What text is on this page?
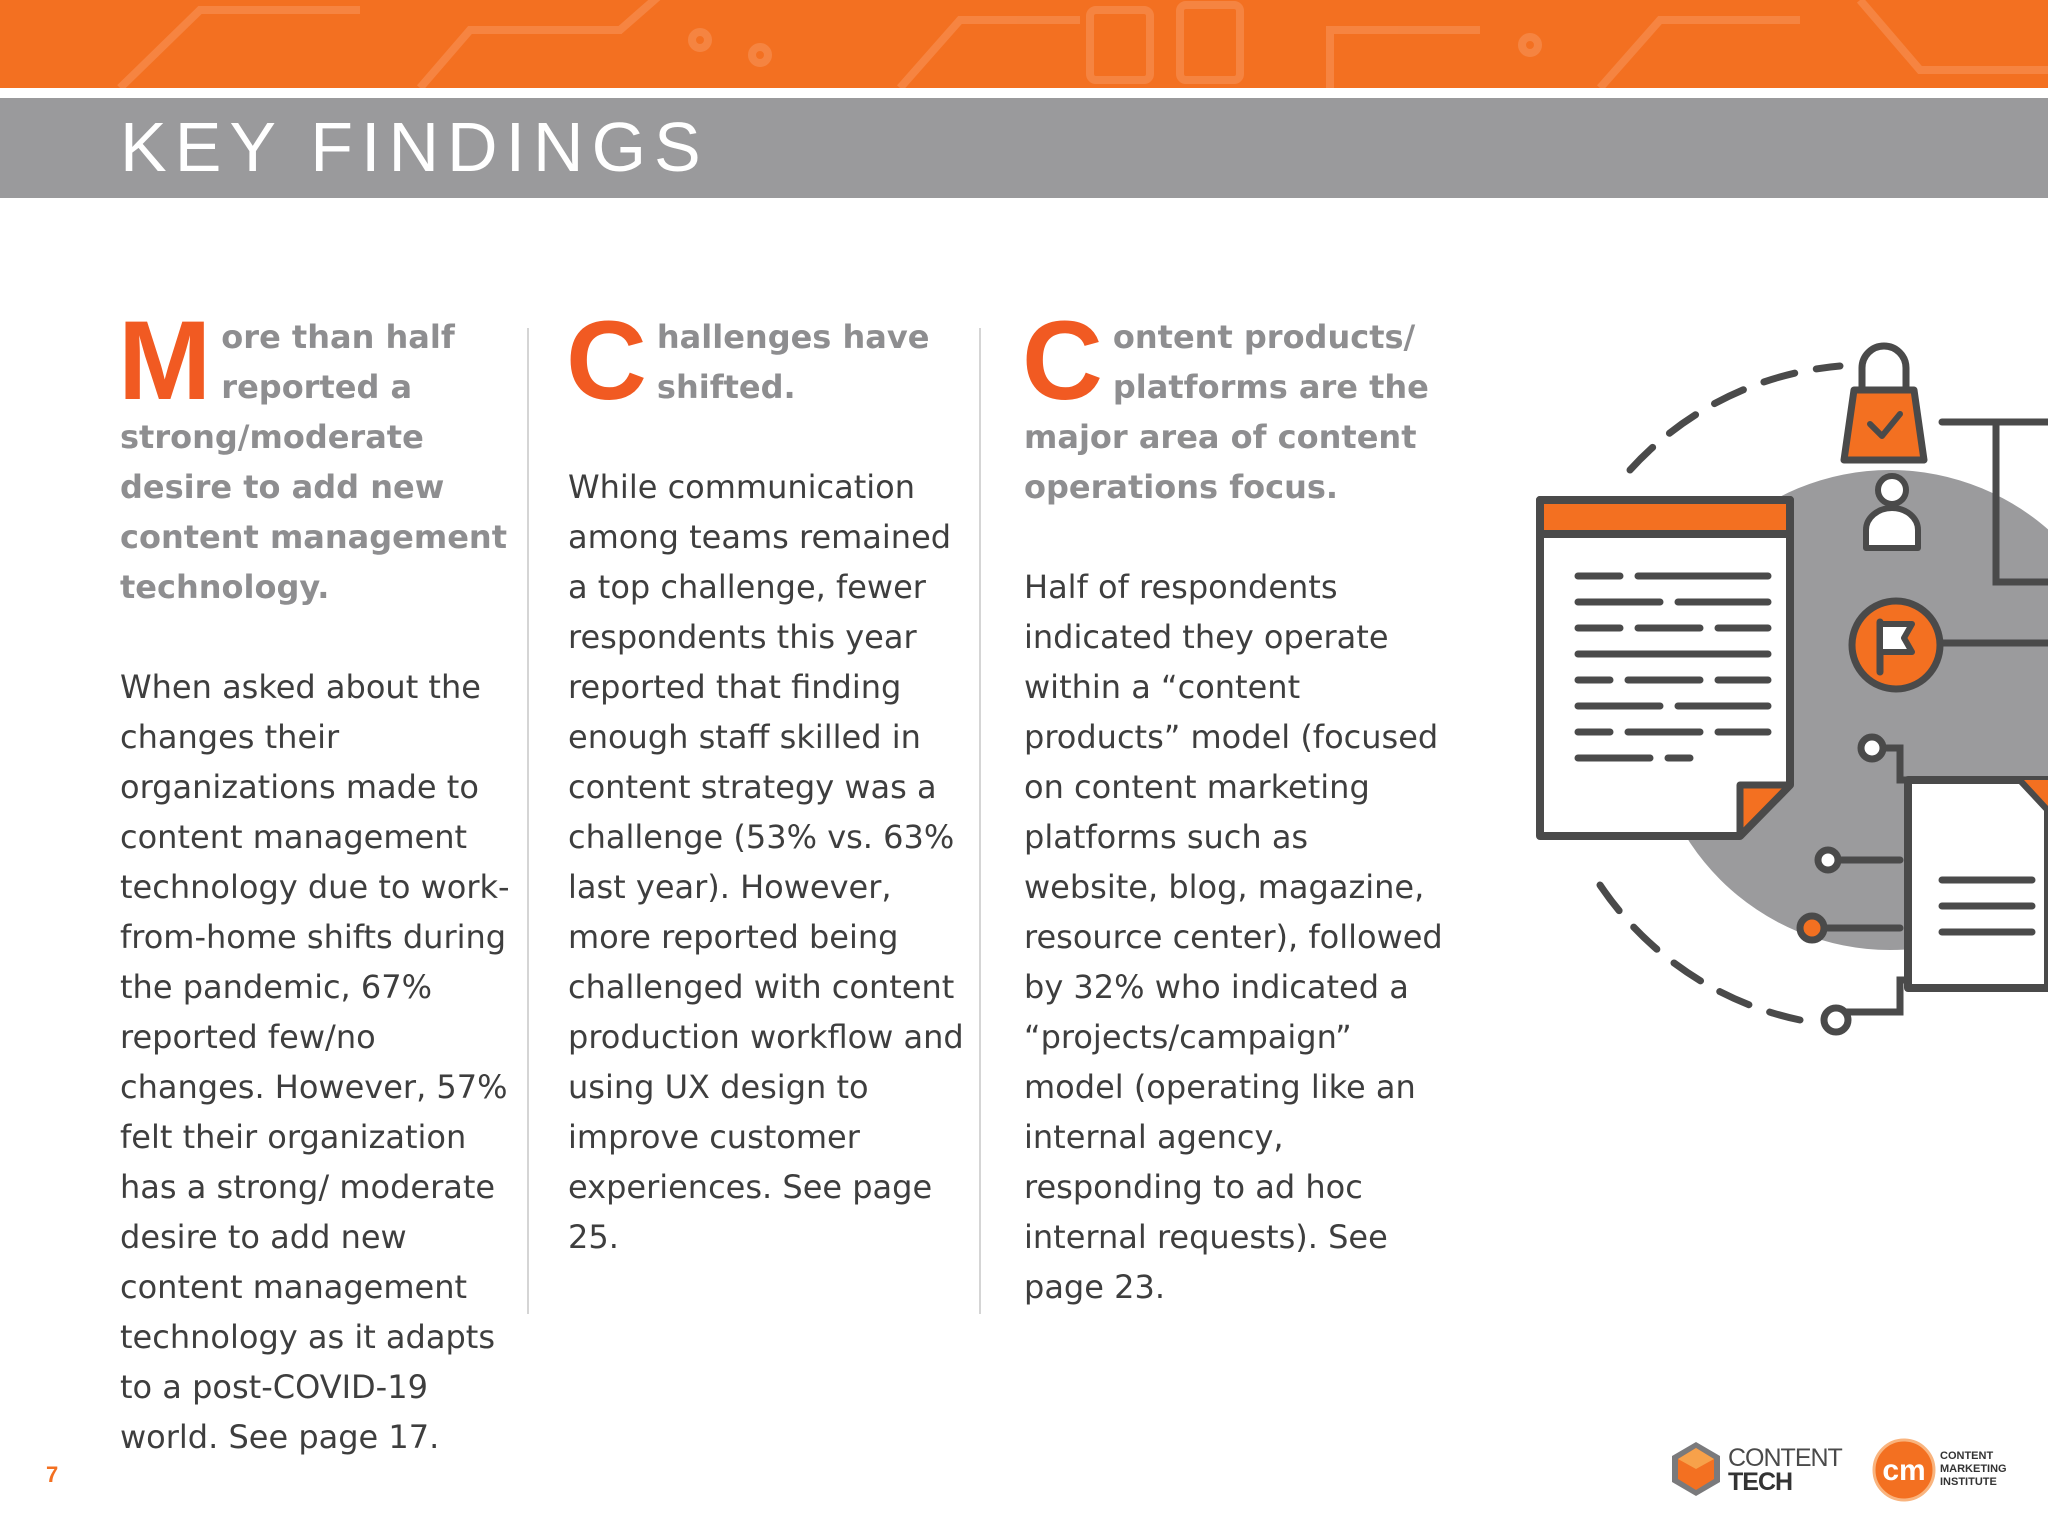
KEY FINDINGS
More than half reported a strong/moderate desire to add new content management technology.

When asked about the changes their organizations made to content management technology due to work-from-home shifts during the pandemic, 67% reported few/no changes. However, 57% felt their organization has a strong/ moderate desire to add new content management technology as it adapts to a post-COVID-19 world. See page 17.

Challenges have shifted.

While communication among teams remained a top challenge, fewer respondents this year reported that finding enough staff skilled in content strategy was a challenge (53% vs. 63% last year). However, more reported being challenged with content production workflow and using UX design to improve customer experiences. See page 25.

Content products/ platforms are the major area of content operations focus.

Half of respondents indicated they operate within a “content products” model (focused on content marketing platforms such as website, blog, magazine, resource center), followed by 32% who indicated a “projects/campaign” model (operating like an internal agency, responding to ad hoc internal requests). See page 23.

7
CONTENT
TECH	cm CONTENT
MARKETING
INSTITUTE
